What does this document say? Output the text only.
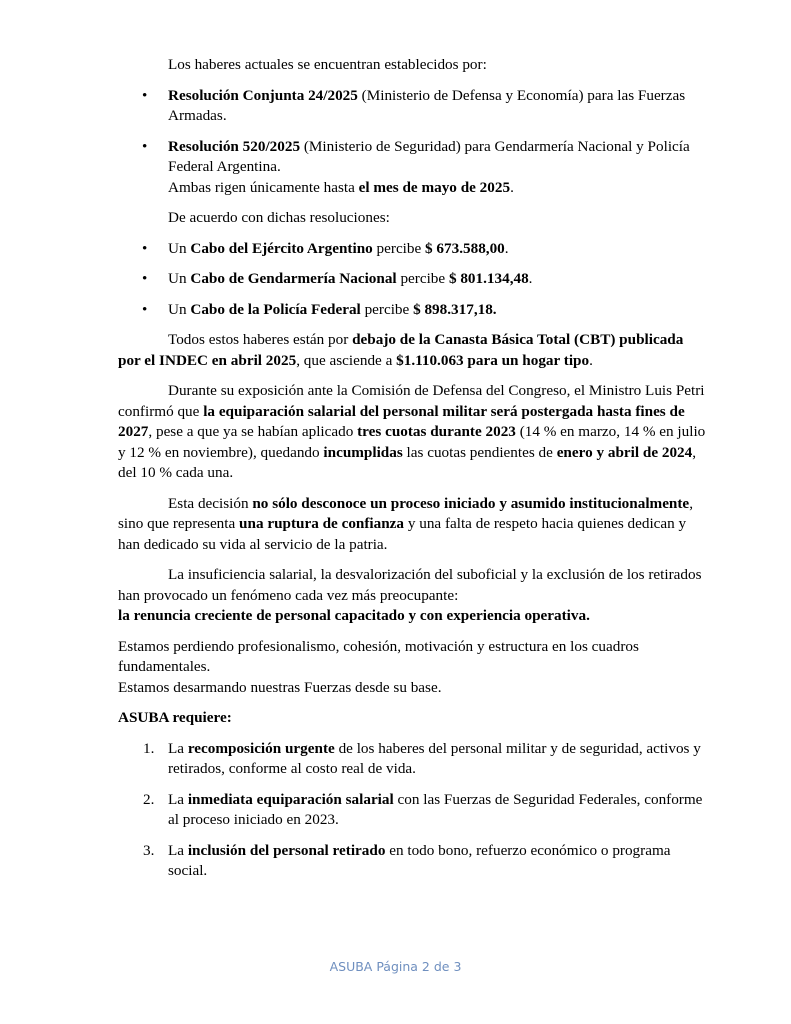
Los haberes actuales se encuentran establecidos por:

• Resolución Conjunta 24/2025 (Ministerio de Defensa y Economía) para las Fuerzas Armadas.
• Resolución 520/2025 (Ministerio de Seguridad) para Gendarmería Nacional y Policía Federal Argentina.
Ambas rigen únicamente hasta el mes de mayo de 2025.

De acuerdo con dichas resoluciones:

• Un Cabo del Ejército Argentino percibe $ 673.588,00.
• Un Cabo de Gendarmería Nacional percibe $ 801.134,48.
• Un Cabo de la Policía Federal percibe $ 898.317,18.

Todos estos haberes están por debajo de la Canasta Básica Total (CBT) publicada por el INDEC en abril 2025, que asciende a $1.110.063 para un hogar tipo.

Durante su exposición ante la Comisión de Defensa del Congreso, el Ministro Luis Petri confirmó que la equiparación salarial del personal militar será postergada hasta fines de 2027, pese a que ya se habían aplicado tres cuotas durante 2023 (14 % en marzo, 14 % en julio y 12 % en noviembre), quedando incumplidas las cuotas pendientes de enero y abril de 2024, del 10 % cada una.

Esta decisión no sólo desconoce un proceso iniciado y asumido institucionalmente, sino que representa una ruptura de confianza y una falta de respeto hacia quienes dedican y han dedicado su vida al servicio de la patria.

La insuficiencia salarial, la desvalorización del suboficial y la exclusión de los retirados han provocado un fenómeno cada vez más preocupante:
la renuncia creciente de personal capacitado y con experiencia operativa.

Estamos perdiendo profesionalismo, cohesión, motivación y estructura en los cuadros fundamentales.
Estamos desarmando nuestras Fuerzas desde su base.

ASUBA requiere:

1. La recomposición urgente de los haberes del personal militar y de seguridad, activos y retirados, conforme al costo real de vida.
2. La inmediata equiparación salarial con las Fuerzas de Seguridad Federales, conforme al proceso iniciado en 2023.
3. La inclusión del personal retirado en todo bono, refuerzo económico o programa social.
ASUBA Página 2 de 3
